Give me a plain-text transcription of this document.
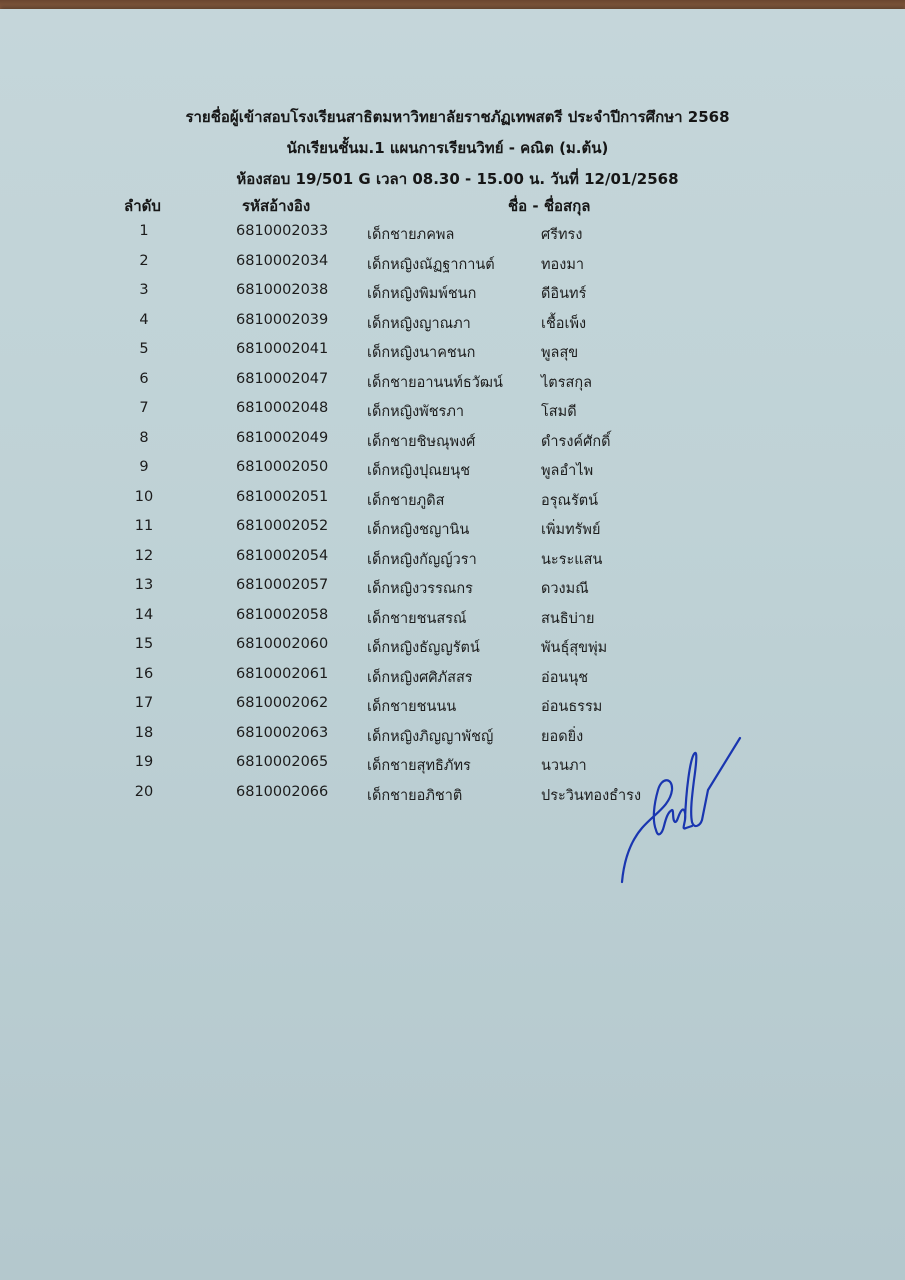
รายชื่อผู้เข้าสอบโรงเรียนสาธิตมหาวิทยาลัยราชภัฏเทพสตรี ประจำปีการศึกษา 2568
นักเรียนชั้นม.1 แผนการเรียนวิทย์ - คณิต (ม.ต้น)
ห้องสอบ 19/501 G เวลา 08.30 - 15.00 น. วันที่ 12/01/2568
ลำดับ	รหัสอ้างอิง	ชื่อ - ชื่อสกุล
1	6810002033	เด็กชายภคพล	ศรีทรง
2	6810002034	เด็กหญิงณัฏฐากานต์	ทองมา
3	6810002038	เด็กหญิงพิมพ์ชนก	ดีอินทร์
4	6810002039	เด็กหญิงญาณภา	เชื้อเพ็ง
5	6810002041	เด็กหญิงนาคชนก	พูลสุข
6	6810002047	เด็กชายอานนท์ธวัฒน์	ไตรสกุล
7	6810002048	เด็กหญิงพัชรภา	โสมดี
8	6810002049	เด็กชายชิษณุพงศ์	ดำรงค์ศักดิ์
9	6810002050	เด็กหญิงปุณยนุช	พูลอำไพ
10	6810002051	เด็กชายภูดิส	อรุณรัตน์
11	6810002052	เด็กหญิงชญานิน	เพิ่มทรัพย์
12	6810002054	เด็กหญิงกัญญ์วรา	นะระแสน
13	6810002057	เด็กหญิงวรรณกร	ดวงมณี
14	6810002058	เด็กชายชนสรณ์	สนธิบ่าย
15	6810002060	เด็กหญิงธัญญรัตน์	พันธุ์สุขพุ่ม
16	6810002061	เด็กหญิงศศิภัสสร	อ่อนนุช
17	6810002062	เด็กชายชนนน	อ่อนธรรม
18	6810002063	เด็กหญิงภิญญาพัชญ์	ยอดยิ่ง
19	6810002065	เด็กชายสุทธิภัทร	นวนภา
20	6810002066	เด็กชายอภิชาติ	ประวินทองธำรง
